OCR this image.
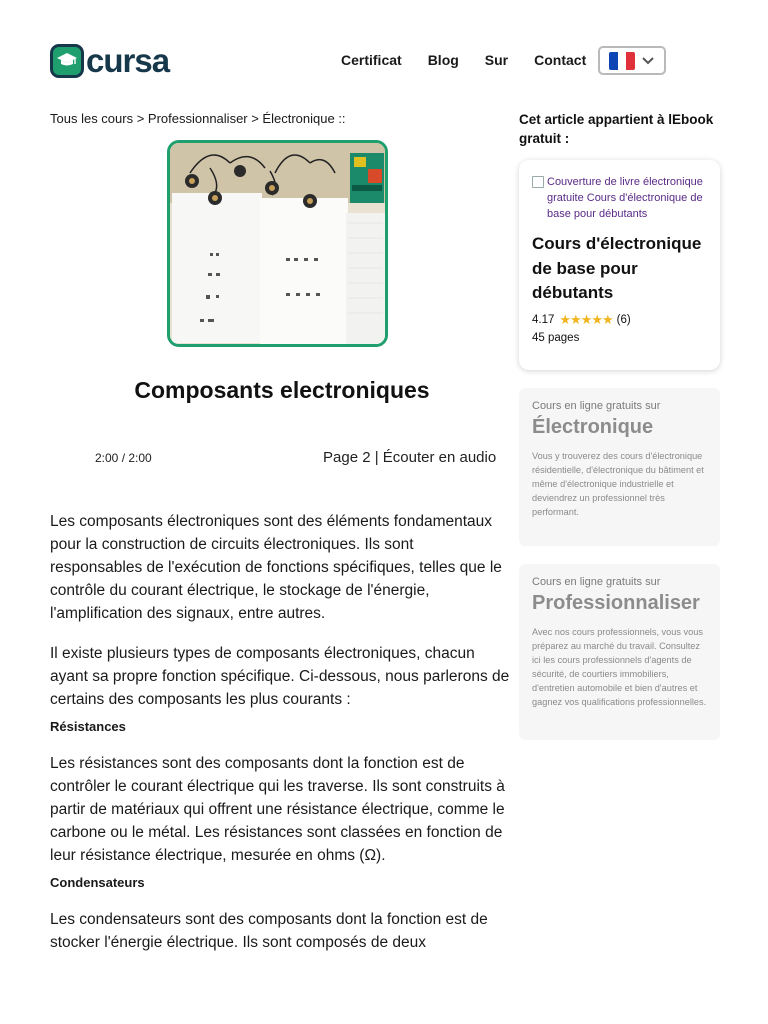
cursa	Certificat Blog Sur Contact
Tous les cours > Professionnaliser > Électronique ::
Composants electroniques
2:00 / 2:00	Page 2 | Écouter en audio

Les composants électroniques sont des éléments fondamentaux pour la construction de circuits électroniques. Ils sont responsables de l'exécution de fonctions spécifiques, telles que le contrôle du courant électrique, le stockage de l'énergie, l'amplification des signaux, entre autres.

Il existe plusieurs types de composants électroniques, chacun ayant sa propre fonction spécifique. Ci-dessous, nous parlerons de certains des composants les plus courants :

Résistances

Les résistances sont des composants dont la fonction est de contrôler le courant électrique qui les traverse. Ils sont construits à partir de matériaux qui offrent une résistance électrique, comme le carbone ou le métal. Les résistances sont classées en fonction de leur résistance électrique, mesurée en ohms (Ω).

Condensateurs

Les condensateurs sont des composants dont la fonction est de stocker l'énergie électrique. Ils sont composés de deux

Cet article appartient à lEbook gratuit :
Couverture de livre électronique gratuite Cours d'électronique de base pour débutants
Cours d'électronique de base pour débutants
4.17 ★★★★★ (6)
45 pages
Cours en ligne gratuits sur
Électronique
Vous y trouverez des cours d'électronique résidentielle, d'électronique du bâtiment et même d'électronique industrielle et deviendrez un professionnel très performant.
Cours en ligne gratuits sur
Professionnaliser
Avec nos cours professionnels, vous vous préparez au marché du travail. Consultez ici les cours professionnels d'agents de sécurité, de courtiers immobiliers, d'entretien automobile et bien d'autres et gagnez vos qualifications professionnelles.
